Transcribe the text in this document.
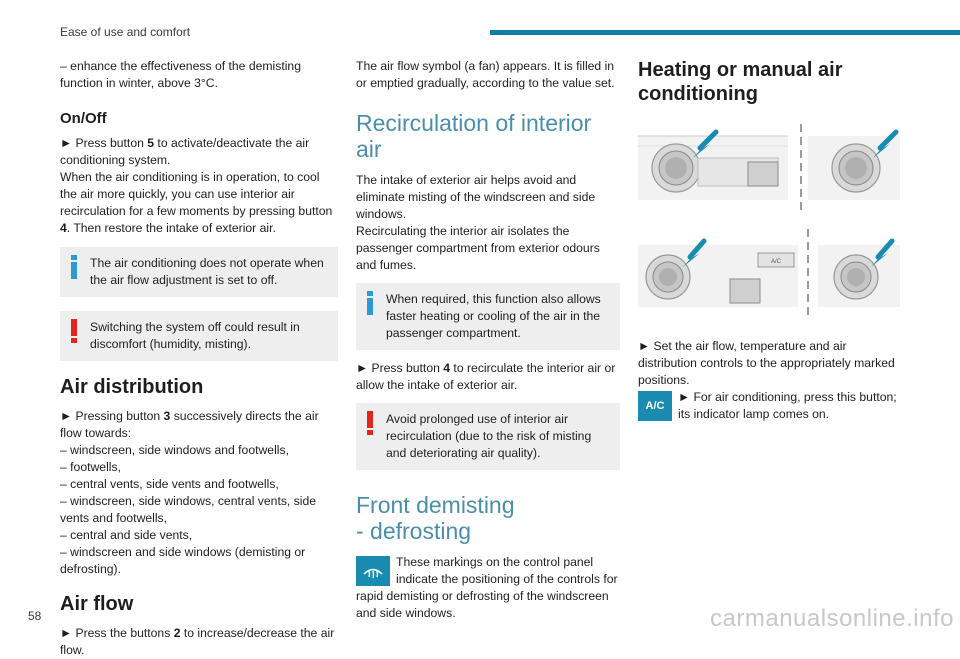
Ease of use and comfort

– enhance the effectiveness of the demisting function in winter, above 3°C.

On/Off

► Press button 5 to activate/deactivate the air conditioning system.

When the air conditioning is in operation, to cool the air more quickly, you can use interior air recirculation for a few moments by pressing button 4. Then restore the intake of exterior air.

The air conditioning does not operate when the air flow adjustment is set to off.

Switching the system off could result in discomfort (humidity, misting).

Air distribution

► Pressing button 3 successively directs the air flow towards:

– windscreen, side windows and footwells,

– footwells,

– central vents, side vents and footwells,

– windscreen, side windows, central vents, side vents and footwells,

– central and side vents,

– windscreen and side windows (demisting or defrosting).

Air flow

► Press the buttons 2 to increase/decrease the air flow.

The air flow symbol (a fan) appears. It is filled in or emptied gradually, according to the value set.

Recirculation of interior air

The intake of exterior air helps avoid and eliminate misting of the windscreen and side windows.

Recirculating the interior air isolates the passenger compartment from exterior odours and fumes.

When required, this function also allows faster heating or cooling of the air in the passenger compartment.

► Press button 4 to recirculate the interior air or allow the intake of exterior air.

Avoid prolonged use of interior air recirculation (due to the risk of misting and deteriorating air quality).

Front demisting
- defrosting

These markings on the control panel indicate the positioning of the controls for rapid demisting or defrosting of the windscreen and side windows.

Heating or manual air conditioning

A/C

► Set the air flow, temperature and air distribution controls to the appropriately marked positions.

A/C

► For air conditioning, press this button; its indicator lamp comes on.

58	carmanualsonline.info
